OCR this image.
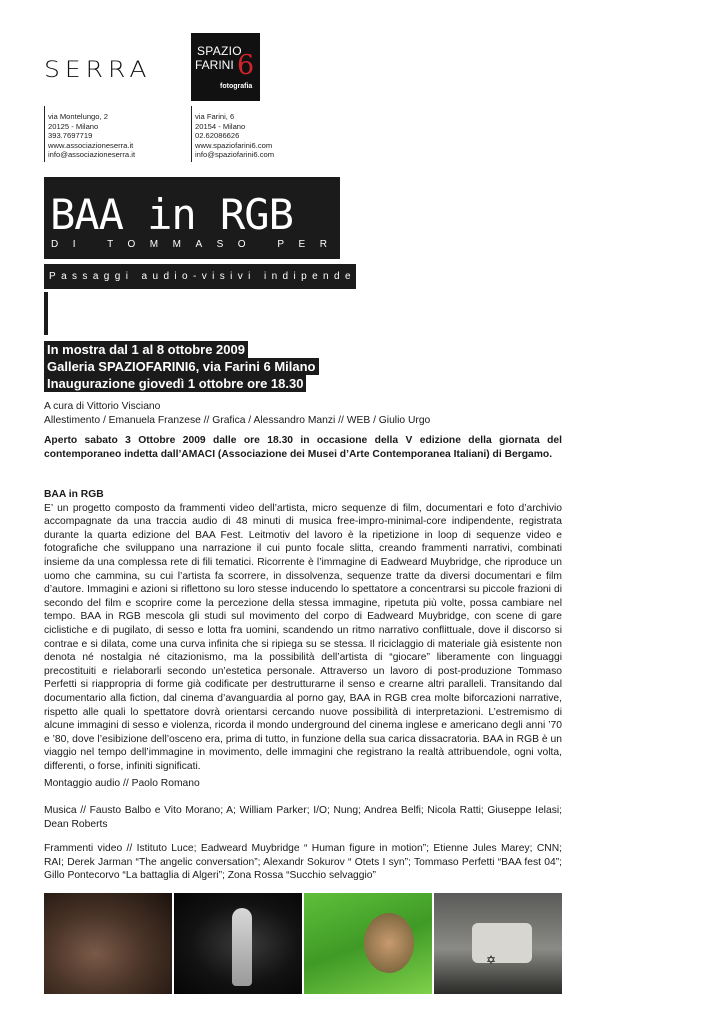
SERRA
SPAZIO
FARINI 6
fotografia
via Montelungo, 2
20125 - Milano
393.7697719
www.associazioneserra.it
info@associazioneserra.it
via Farini, 6
20154 - Milano
02.62086626
www.spaziofarini6.com
info@spaziofarini6.com
BAA in RGB
DI TOMMASO PERFETTI
Passaggi audio-visivi indipendenti
In mostra dal 1 al 8 ottobre 2009
Galleria SPAZIOFARINI6, via Farini 6 Milano
Inaugurazione giovedì 1 ottobre ore 18.30
A cura di Vittorio Visciano
Allestimento / Emanuela Franzese // Grafica / Alessandro Manzi // WEB / Giulio Urgo
Aperto sabato 3 Ottobre 2009 dalle ore 18.30 in occasione della V edizione della giornata del contemporaneo indetta dall’AMACI (Associazione dei Musei d’Arte Contemporanea Italiani) di Bergamo.
BAA in RGB
E’ un progetto composto da frammenti video dell’artista, micro sequenze di film, documentari e foto d’archivio accompagnate da una traccia audio di 48 minuti di musica free-impro-minimal-core indipendente, registrata durante la quarta edizione del BAA Fest. Leitmotiv del lavoro è la ripetizione in loop di sequenze video e fotografiche che sviluppano una narrazione il cui punto focale slitta, creando frammenti narrativi, combinati insieme da una complessa rete di fili tematici. Ricorrente è l’immagine di Eadweard Muybridge, che riproduce un uomo che cammina, su cui l’artista fa scorrere, in dissolvenza, sequenze tratte da diversi documentari e film d’autore. Immagini e azioni si riflettono su loro stesse inducendo lo spettatore a concentrarsi su piccole frazioni di secondo del film e scoprire come la percezione della stessa immagine, ripetuta più volte, possa cambiare nel tempo. BAA in RGB mescola gli studi sul movimento del corpo di Eadweard Muybridge, con scene di gare ciclistiche e di pugilato, di sesso e lotta fra uomini, scandendo un ritmo narrativo conflittuale, dove il discorso si contrae e si dilata, come una curva infinita che si ripiega su se stessa. Il riciclaggio di materiale già esistente non denota né nostalgia né citazionismo, ma la possibilità dell’artista di “giocare” liberamente con linguaggi precostituiti e rielaborarli secondo un’estetica personale. Attraverso un lavoro di post-produzione Tommaso Perfetti si riappropria di forme già codificate per destrutturarne il senso e crearne altri paralleli. Transitando dal documentario alla fiction, dal cinema d’avanguardia al porno gay, BAA in RGB crea molte biforcazioni narrative, rispetto alle quali lo spettatore dovrà orientarsi cercando nuove possibilità di interpretazioni. L’estremismo di alcune immagini di sesso e violenza, ricorda il mondo underground del cinema inglese e americano degli anni ’70 e ’80, dove l’esibizione dell’osceno era, prima di tutto, in funzione della sua carica dissacratoria. BAA in RGB è un viaggio nel tempo dell’immagine in movimento, delle immagini che registrano la realtà attribuendole, ogni volta, differenti, o forse, infiniti significati.
Montaggio audio // Paolo Romano
Musica // Fausto Balbo e Vito Morano; A; William Parker; I/O; Nung; Andrea Belfi; Nicola Ratti; Giuseppe Ielasi; Dean Roberts
Frammenti video // Istituto Luce; Eadweard Muybridge “ Human figure in motion”; Etienne Jules Marey; CNN; RAI; Derek Jarman “The angelic conversation”; Alexandr Sokurov “ Otets I syn”; Tommaso Perfetti “BAA fest 04”; Gillo Pontecorvo “La battaglia di Algeri”; Zona Rossa “Succhio selvaggio”
✡
